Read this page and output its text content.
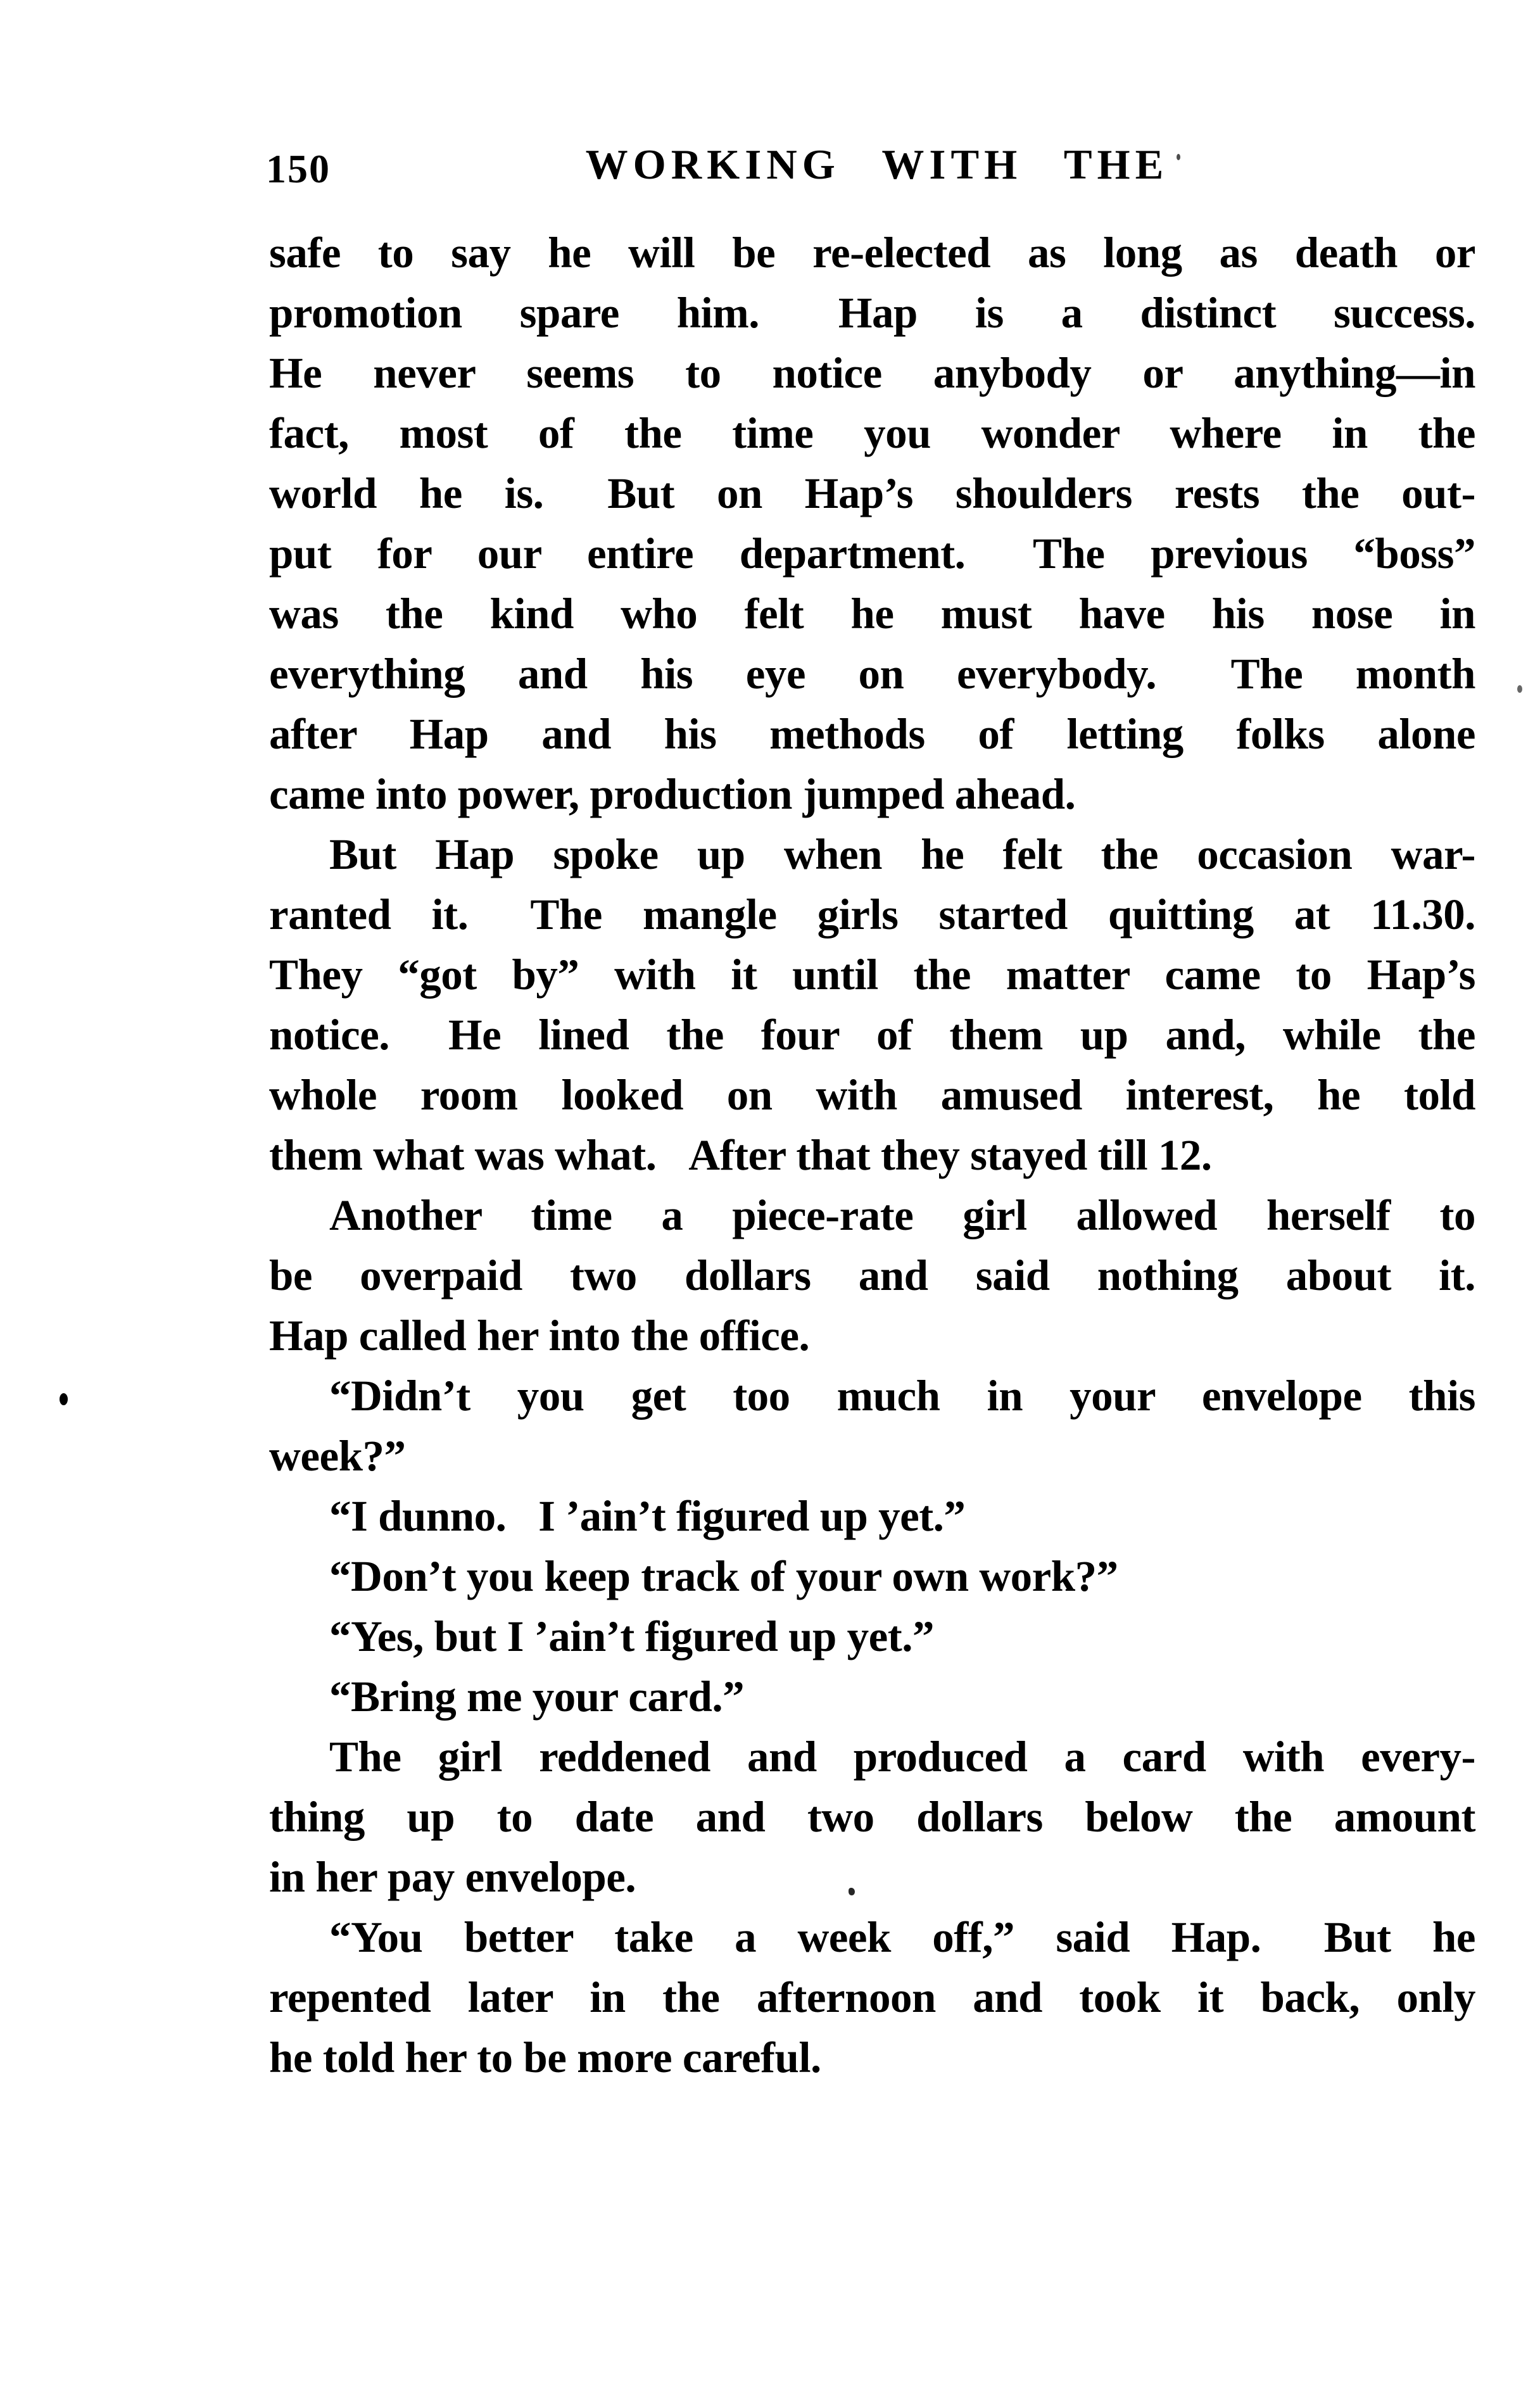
150	WORKING WITH THE
safe to say he will be re-elected as long as death or
promotion spare him.  Hap is a distinct success.
He never seems to notice anybody or anything—in
fact, most of the time you wonder where in the
world he is.  But on Hap’s shoulders rests the out-
put for our entire department.  The previous “boss”
was the kind who felt he must have his nose in
everything and his eye on everybody.  The month
after Hap and his methods of letting folks alone
came into power, production jumped ahead.
But Hap spoke up when he felt the occasion war-
ranted it.  The mangle girls started quitting at 11.30.
They “got by” with it until the matter came to Hap’s
notice.  He lined the four of them up and, while the
whole room looked on with amused interest, he told
them what was what.  After that they stayed till 12.
Another time a piece-rate girl allowed herself to
be overpaid two dollars and said nothing about it.
Hap called her into the office.
“Didn’t you get too much in your envelope this
week?”
“I dunno.  I ’ain’t figured up yet.”
“Don’t you keep track of your own work?”
“Yes, but I ’ain’t figured up yet.”
“Bring me your card.”
The girl reddened and produced a card with every-
thing up to date and two dollars below the amount
in her pay envelope.
“You better take a week off,” said Hap.  But he
repented later in the afternoon and took it back, only
he told her to be more careful.
